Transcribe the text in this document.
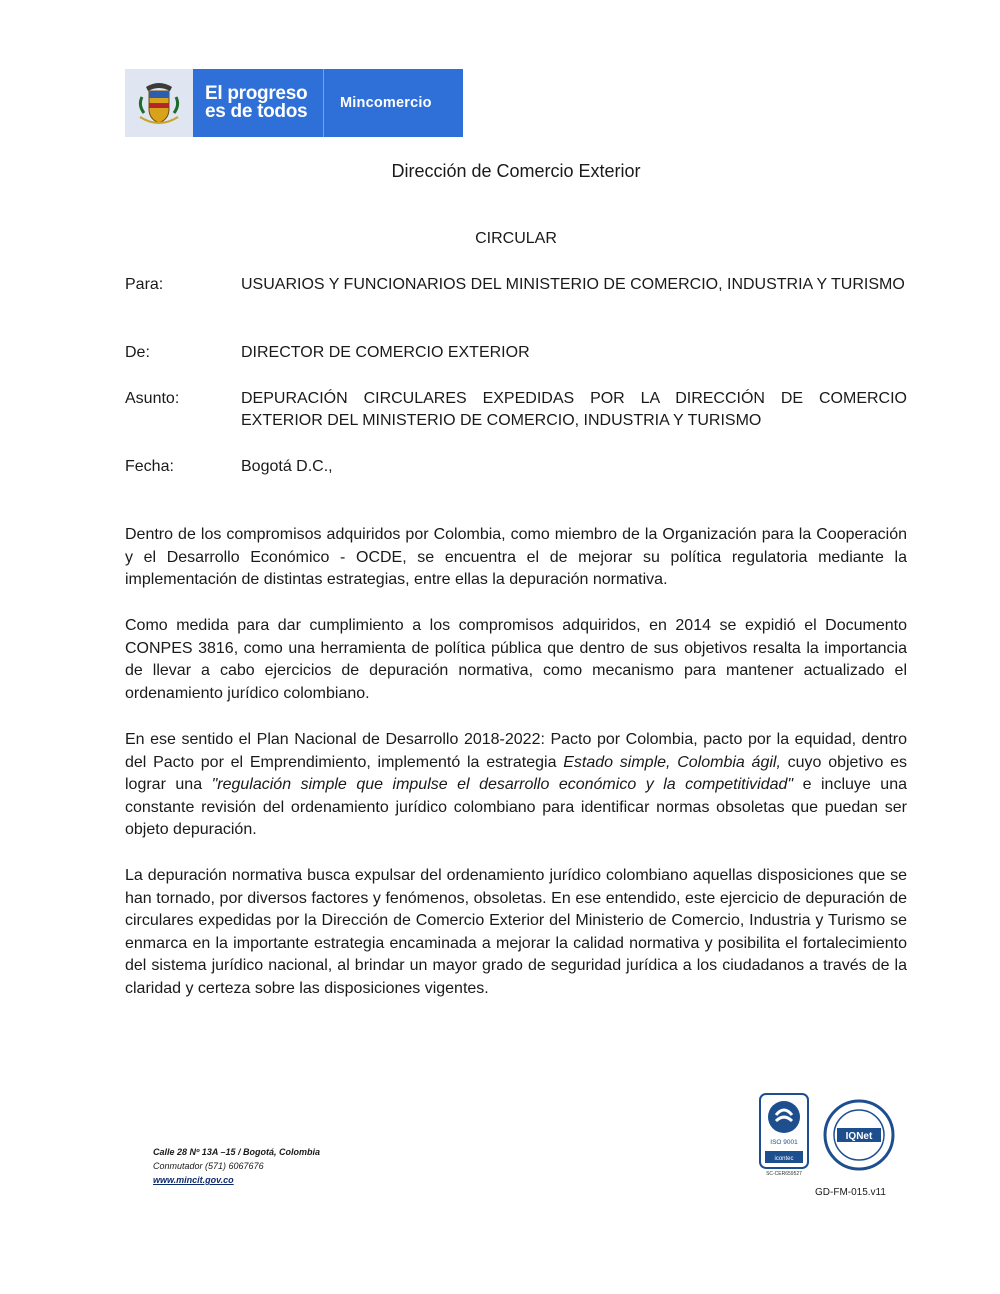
El progreso
es de todos	Mincomercio
Dirección de Comercio Exterior
CIRCULAR
Para:	USUARIOS Y FUNCIONARIOS DEL MINISTERIO DE COMERCIO, INDUSTRIA Y TURISMO
De:	DIRECTOR DE COMERCIO EXTERIOR
Asunto:	DEPURACIÓN CIRCULARES EXPEDIDAS POR LA DIRECCIÓN DE COMERCIO EXTERIOR DEL MINISTERIO DE COMERCIO, INDUSTRIA Y TURISMO
Fecha:	Bogotá D.C.,

Dentro de los compromisos adquiridos por Colombia, como miembro de la Organización para la Cooperación y el Desarrollo Económico - OCDE, se encuentra el de mejorar su política regulatoria mediante la implementación de distintas estrategias, entre ellas la depuración normativa.

Como medida para dar cumplimiento a los compromisos adquiridos, en 2014 se expidió el Documento CONPES 3816, como una herramienta de política pública que dentro de sus objetivos resalta la importancia de llevar a cabo ejercicios de depuración normativa, como mecanismo para mantener actualizado el ordenamiento jurídico colombiano.

En ese sentido el Plan Nacional de Desarrollo 2018-2022: Pacto por Colombia, pacto por la equidad, dentro del Pacto por el Emprendimiento, implementó la estrategia Estado simple, Colombia ágil, cuyo objetivo es lograr una "regulación simple que impulse el desarrollo económico y la competitividad" e incluye una constante revisión del ordenamiento jurídico colombiano para identificar normas obsoletas que puedan ser objeto depuración.

La depuración normativa busca expulsar del ordenamiento jurídico colombiano aquellas disposiciones que se han tornado, por diversos factores y fenómenos, obsoletas. En ese entendido, este ejercicio de depuración de circulares expedidas por la Dirección de Comercio Exterior del Ministerio de Comercio, Industria y Turismo se enmarca en la importante estrategia encaminada a mejorar la calidad normativa y posibilita el fortalecimiento del sistema jurídico nacional, al brindar un mayor grado de seguridad jurídica a los ciudadanos a través de la claridad y certeza sobre las disposiciones vigentes.

Calle 28 Nº 13A –15 / Bogotá, Colombia
Conmutador (571) 6067676
www.mincit.gov.co
ISO 9001
icontec
SC-CER659527
IQNet
GD-FM-015.v11
